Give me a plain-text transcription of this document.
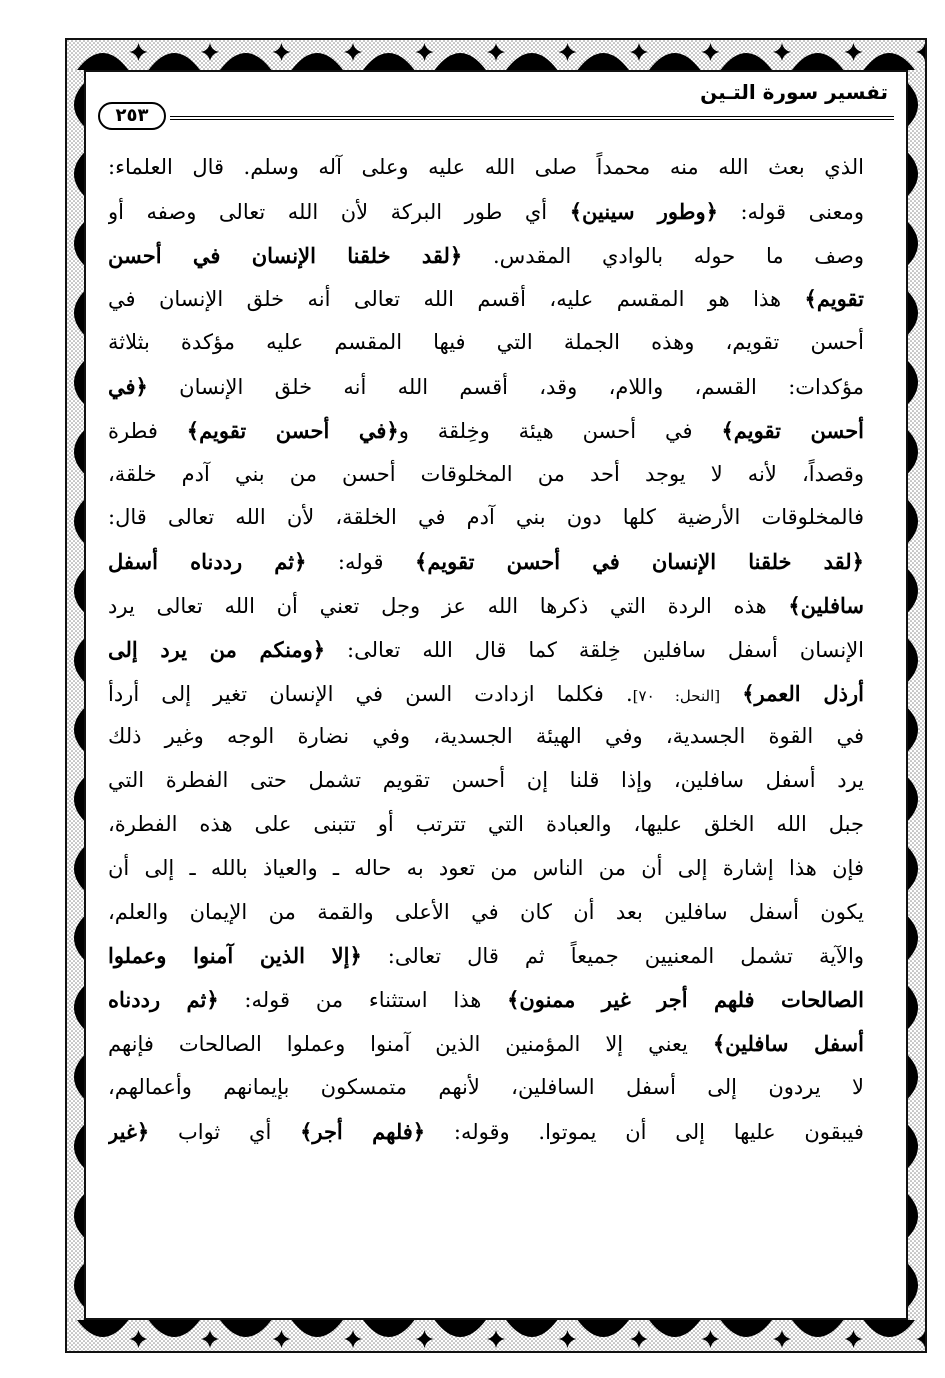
تفسير سورة التـين
٢٥٣
الذي بعث الله منه محمداً صلى الله عليه وعلى آله وسلم. قال العلماء:
ومعنى قوله: ﴿وطور سينين﴾ أي طور البركة لأن الله تعالى وصفه أو
وصف ما حوله بالوادي المقدس. ﴿لقد خلقنا الإنسان في أحسن
تقويم﴾ هذا هو المقسم عليه، أقسم الله تعالى أنه خلق الإنسان في
أحسن تقويم، وهذه الجملة التي فيها المقسم عليه مؤكدة بثلاثة
مؤكدات: القسم، واللام، وقد، أقسم الله أنه خلق الإنسان ﴿في
أحسن تقويم﴾ في أحسن هيئة وخِلقة و﴿في أحسن تقويم﴾ فطرة
وقصداً، لأنه لا يوجد أحد من المخلوقات أحسن من بني آدم خلقة،
فالمخلوقات الأرضية كلها دون بني آدم في الخلقة، لأن الله تعالى قال:
﴿لقد خلقنا الإنسان في أحسن تقويم﴾ قوله: ﴿ثم رددناه أسفل
سافلين﴾ هذه الردة التي ذكرها الله عز وجل تعني أن الله تعالى يرد
الإنسان أسفل سافلين خِلقة كما قال الله تعالى: ﴿ومنكم من يرد إلى
أرذل العمر﴾ [النحل: ٧٠]. فكلما ازدادت السن في الإنسان تغير إلى أردأ
في القوة الجسدية، وفي الهيئة الجسدية، وفي نضارة الوجه وغير ذلك
يرد أسفل سافلين، وإذا قلنا إن أحسن تقويم تشمل حتى الفطرة التي
جبل الله الخلق عليها، والعبادة التي تترتب أو تتبنى على هذه الفطرة،
فإن هذا إشارة إلى أن من الناس من تعود به حاله ـ والعياذ بالله ـ إلى أن
يكون أسفل سافلين بعد أن كان في الأعلى والقمة من الإيمان والعلم،
والآية تشمل المعنيين جميعاً ثم قال تعالى: ﴿إلا الذين آمنوا وعملوا
الصالحات فلهم أجر غير ممنون﴾ هذا استثناء من قوله: ﴿ثم رددناه
أسفل سافلين﴾ يعني إلا المؤمنين الذين آمنوا وعملوا الصالحات فإنهم
لا يردون إلى أسفل السافلين، لأنهم متمسكون بإيمانهم وأعمالهم،
فيبقون عليها إلى أن يموتوا. وقوله: ﴿فلهم أجر﴾ أي ثواب ﴿غير
